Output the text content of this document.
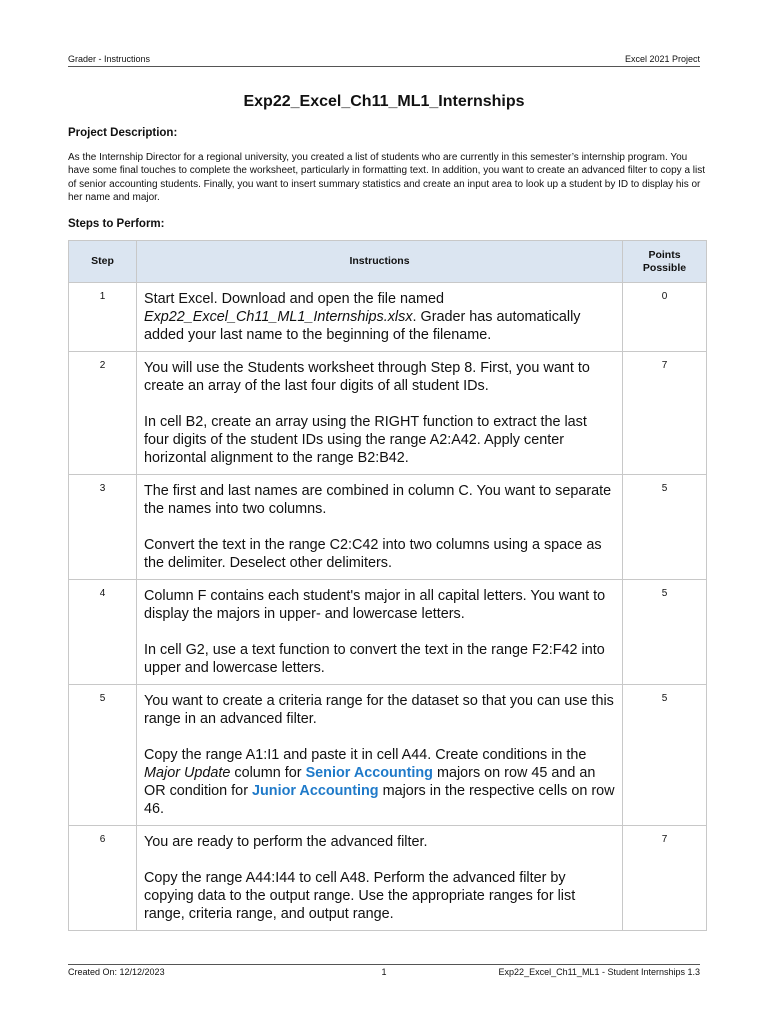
Grader - Instructions	Excel 2021 Project
Exp22_Excel_Ch11_ML1_Internships
Project Description:
As the Internship Director for a regional university, you created a list of students who are currently in this semester’s internship program. You have some final touches to complete the worksheet, particularly in formatting text. In addition, you want to create an advanced filter to copy a list of senior accounting students. Finally, you want to insert summary statistics and create an input area to look up a student by ID to display his or her name and major.
Steps to Perform:
Step	Instructions	Points
Possible
1	Start Excel. Download and open the file named Exp22_Excel_Ch11_ML1_Internships.xlsx. Grader has automatically added your last name to the beginning of the filename.	0
2	You will use the Students worksheet through Step 8. First, you want to create an array of the last four digits of all student IDs.

In cell B2, create an array using the RIGHT function to extract the last four digits of the student IDs using the range A2:A42. Apply center horizontal alignment to the range B2:B42.	7
3	The first and last names are combined in column C. You want to separate the names into two columns.

Convert the text in the range C2:C42 into two columns using a space as the delimiter. Deselect other delimiters.	5
4	Column F contains each student's major in all capital letters. You want to display the majors in upper- and lowercase letters.

In cell G2, use a text function to convert the text in the range F2:F42 into upper and lowercase letters.	5
5	You want to create a criteria range for the dataset so that you can use this range in an advanced filter.

Copy the range A1:I1 and paste it in cell A44. Create conditions in the Major Update column for Senior Accounting majors on row 45 and an OR condition for Junior Accounting majors in the respective cells on row 46.	5
6	You are ready to perform the advanced filter.

Copy the range A44:I44 to cell A48. Perform the advanced filter by copying data to the output range. Use the appropriate ranges for list range, criteria range, and output range.	7
Created On: 12/12/2023	1	Exp22_Excel_Ch11_ML1 - Student Internships 1.3
